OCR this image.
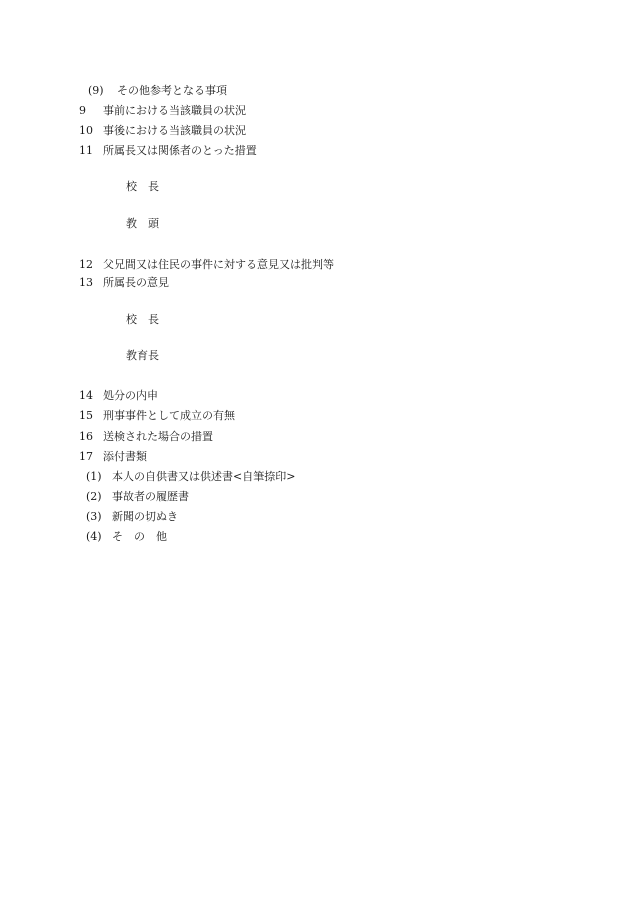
(9) その他参考となる事項
9 事前における当該職員の状況
10 事後における当該職員の状況
11 所属長又は関係者のとった措置
校　長
教　頭
12 父兄間又は住民の事件に対する意見又は批判等
13 所属長の意見
校　長
教育長
14 処分の内申
15 刑事事件として成立の有無
16 送検された場合の措置
17 添付書類
(1) 本人の自供書又は供述書<自筆捺印>
(2) 事故者の履歴書
(3) 新聞の切ぬき
(4) そ　の　他
